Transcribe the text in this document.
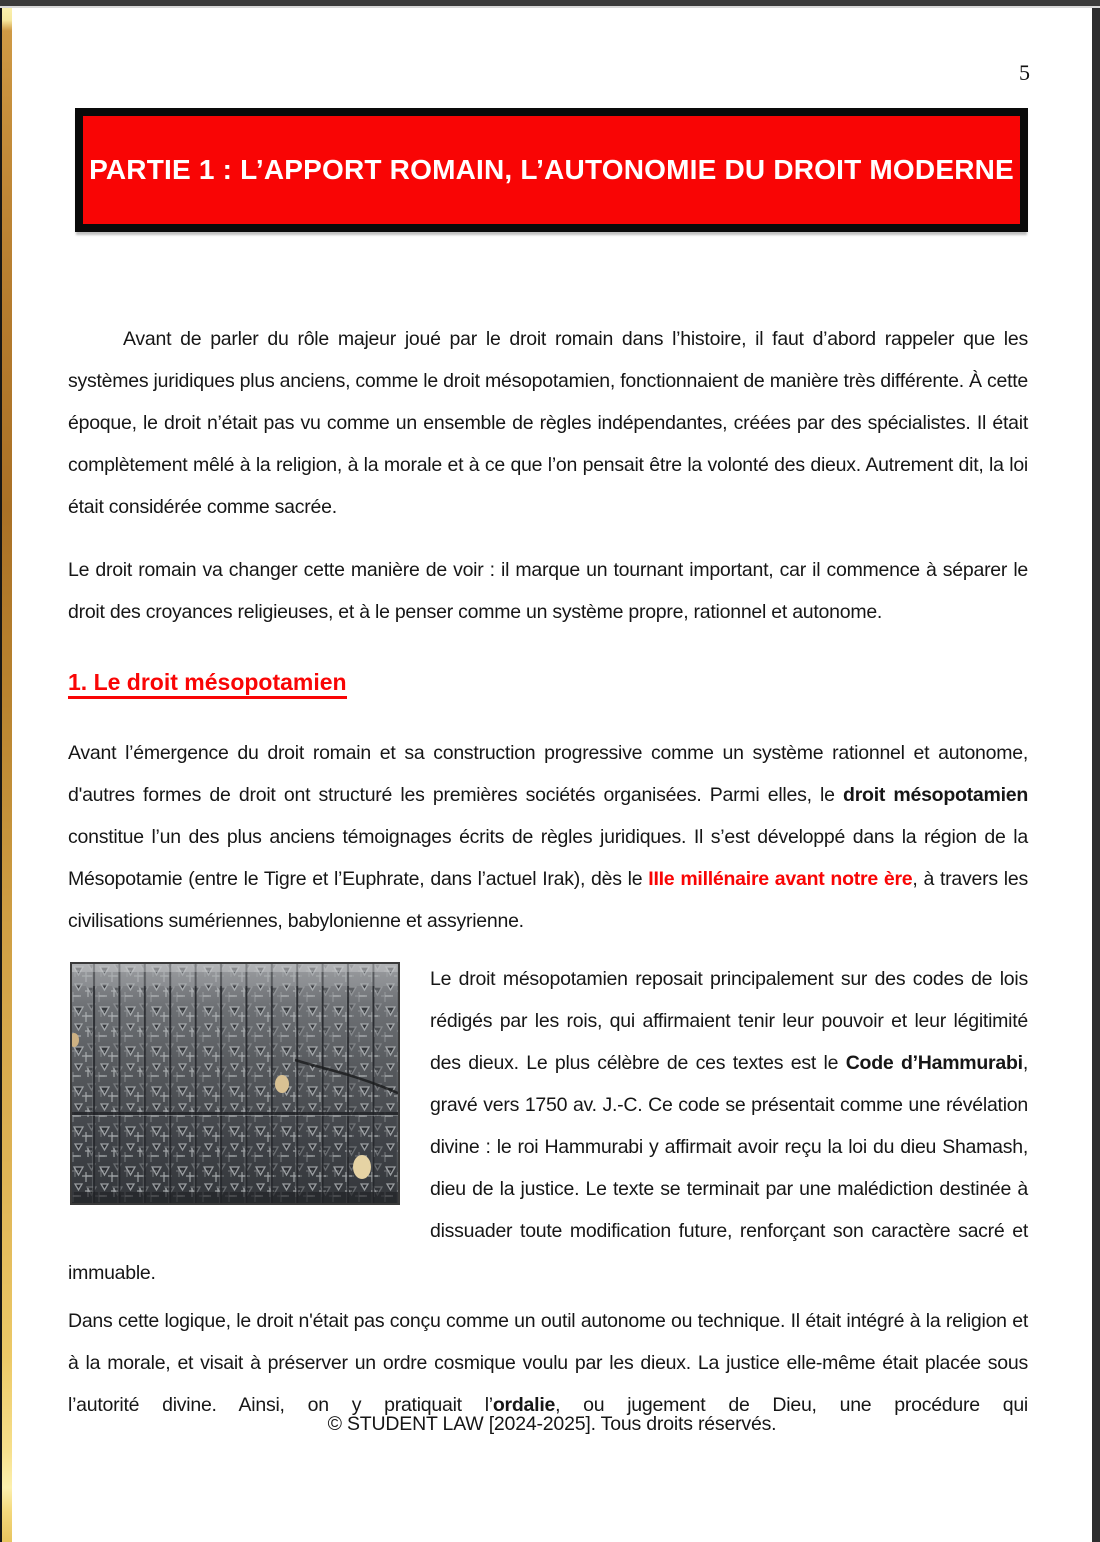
5
PARTIE 1 : L’APPORT ROMAIN, L’AUTONOMIE DU DROIT MODERNE

Avant de parler du rôle majeur joué par le droit romain dans l’histoire, il faut d’abord rappeler que les systèmes juridiques plus anciens, comme le droit mésopotamien, fonctionnaient de manière très différente. À cette époque, le droit n’était pas vu comme un ensemble de règles indépendantes, créées par des spécialistes. Il était complètement mêlé à la religion, à la morale et à ce que l’on pensait être la volonté des dieux. Autrement dit, la loi était considérée comme sacrée.

Le droit romain va changer cette manière de voir : il marque un tournant important, car il commence à séparer le droit des croyances religieuses, et à le penser comme un système propre, rationnel et autonome.

1. Le droit mésopotamien

Avant l’émergence du droit romain et sa construction progressive comme un système rationnel et autonome, d'autres formes de droit ont structuré les premières sociétés organisées. Parmi elles, le droit mésopotamien constitue l’un des plus anciens témoignages écrits de règles juridiques. Il s’est développé dans la région de la Mésopotamie (entre le Tigre et l’Euphrate, dans l’actuel Irak), dès le IIIe millénaire avant notre ère, à travers les civilisations sumériennes, babylonienne et assyrienne.

Le droit mésopotamien reposait principalement sur des codes de lois rédigés par les rois, qui affirmaient tenir leur pouvoir et leur légitimité des dieux. Le plus célèbre de ces textes est le Code d’Hammurabi, gravé vers 1750 av. J.-C. Ce code se présentait comme une révélation divine : le roi Hammurabi y affirmait avoir reçu la loi du dieu Shamash, dieu de la justice. Le texte se terminait par une malédiction destinée à dissuader toute modification future, renforçant son caractère sacré et immuable.

Dans cette logique, le droit n'était pas conçu comme un outil autonome ou technique. Il était intégré à la religion et à la morale, et visait à préserver un ordre cosmique voulu par les dieux. La justice elle-même était placée sous l’autorité divine. Ainsi, on y pratiquait l’ordalie, ou jugement de Dieu, une procédure qui

© STUDENT LAW [2024-2025]. Tous droits réservés.
